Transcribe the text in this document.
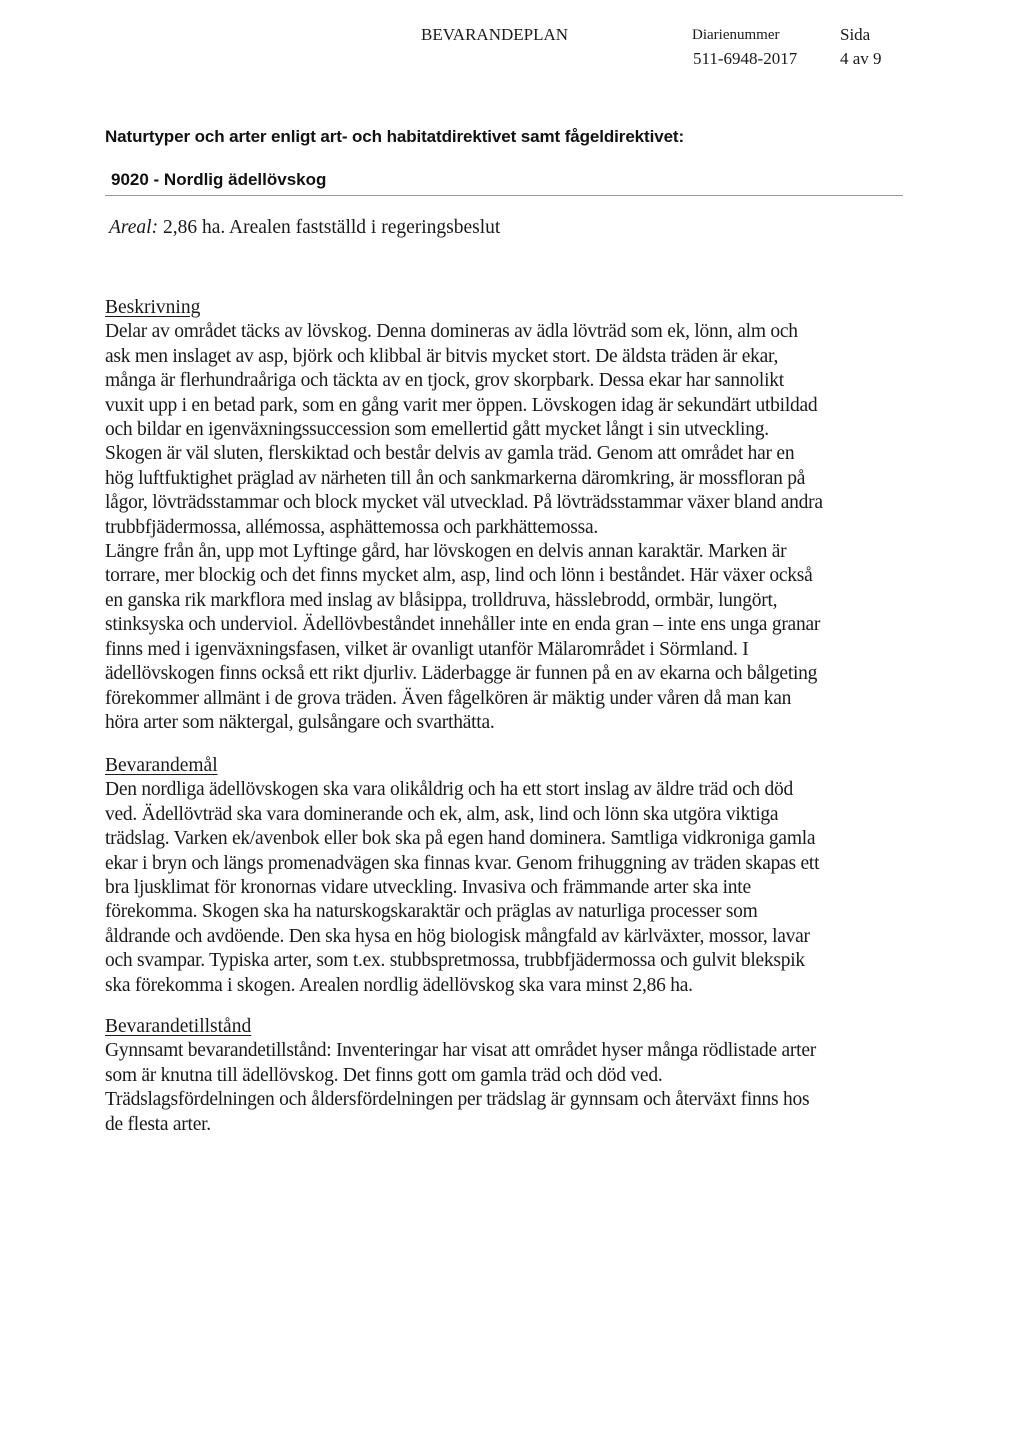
BEVARANDEPLAN	Diarienummer
511-6948-2017
Sida
4 av 9
Naturtyper och arter enligt art- och habitatdirektivet samt fågeldirektivet:
9020 - Nordlig ädellövskog
Areal: 2,86 ha. Arealen fastställd i regeringsbeslut
Beskrivning
Delar av området täcks av lövskog. Denna domineras av ädla lövträd som ek, lönn, alm och
ask men inslaget av asp, björk och klibbal är bitvis mycket stort. De äldsta träden är ekar,
många är flerhundraåriga och täckta av en tjock, grov skorpbark. Dessa ekar har sannolikt
vuxit upp i en betad park, som en gång varit mer öppen. Lövskogen idag är sekundärt utbildad
och bildar en igenväxningssuccession som emellertid gått mycket långt i sin utveckling.
Skogen är väl sluten, flerskiktad och består delvis av gamla träd. Genom att området har en
hög luftfuktighet präglad av närheten till ån och sankmarkerna däromkring, är mossfloran på
lågor, lövträdsstammar och block mycket väl utvecklad. På lövträdsstammar växer bland andra
trubbfjädermossa, allémossa, asphättemossa och parkhättemossa.
Längre från ån, upp mot Lyftinge gård, har lövskogen en delvis annan karaktär. Marken är
torrare, mer blockig och det finns mycket alm, asp, lind och lönn i beståndet. Här växer också
en ganska rik markflora med inslag av blåsippa, trolldruva, hässlebrodd, ormbär, lungört,
stinksyska och underviol. Ädellövbeståndet innehåller inte en enda gran – inte ens unga granar
finns med i igenväxningsfasen, vilket är ovanligt utanför Mälarområdet i Sörmland. I
ädellövskogen finns också ett rikt djurliv. Läderbagge är funnen på en av ekarna och bålgeting
förekommer allmänt i de grova träden. Även fågelkören är mäktig under våren då man kan
höra arter som näktergal, gulsångare och svarthätta.
Bevarandemål
Den nordliga ädellövskogen ska vara olikåldrig och ha ett stort inslag av äldre träd och död
ved. Ädellövträd ska vara dominerande och ek, alm, ask, lind och lönn ska utgöra viktiga
trädslag. Varken ek/avenbok eller bok ska på egen hand dominera. Samtliga vidkroniga gamla
ekar i bryn och längs promenadvägen ska finnas kvar. Genom frihuggning av träden skapas ett
bra ljusklimat för kronornas vidare utveckling. Invasiva och främmande arter ska inte
förekomma. Skogen ska ha naturskogskaraktär och präglas av naturliga processer som
åldrande och avdöende. Den ska hysa en hög biologisk mångfald av kärlväxter, mossor, lavar
och svampar. Typiska arter, som t.ex. stubbspretmossa, trubbfjädermossa och gulvit blekspik
ska förekomma i skogen. Arealen nordlig ädellövskog ska vara minst 2,86 ha.
Bevarandetillstånd
Gynnsamt bevarandetillstånd: Inventeringar har visat att området hyser många rödlistade arter
som är knutna till ädellövskog. Det finns gott om gamla träd och död ved.
Trädslagsfördelningen och åldersfördelningen per trädslag är gynnsam och återväxt finns hos
de flesta arter.
